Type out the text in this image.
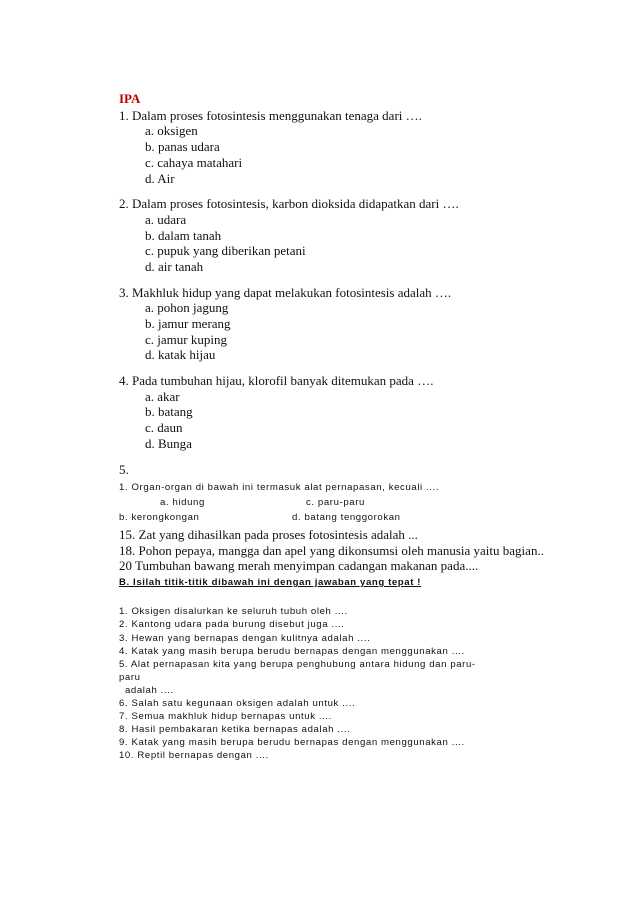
IPA
1. Dalam proses fotosintesis menggunakan tenaga dari ….
a. oksigen
b. panas udara
c. cahaya matahari
d. Air
2. Dalam proses fotosintesis, karbon dioksida didapatkan dari ….
a. udara
b. dalam tanah
c. pupuk yang diberikan petani
d. air tanah
3. Makhluk hidup yang dapat melakukan fotosintesis adalah ….
a. pohon jagung
b. jamur merang
c. jamur kuping
d. katak hijau
4. Pada tumbuhan hijau, klorofil banyak ditemukan pada ….
a. akar
b. batang
c. daun
d. Bunga
5.
1. Organ-organ di bawah ini termasuk alat pernapasan, kecuali ....
a. hidung	c. paru-paru
b. kerongkongan	d. batang tenggorokan
15. Zat yang dihasilkan pada proses fotosintesis adalah ...
18. Pohon pepaya, mangga dan apel yang dikonsumsi oleh manusia yaitu bagian..
20 Tumbuhan bawang merah menyimpan cadangan makanan pada....
B. Isilah titik-titik dibawah ini dengan jawaban yang tepat !
1. Oksigen disalurkan ke seluruh tubuh oleh ....
2. Kantong udara pada burung disebut juga ....
3. Hewan yang bernapas dengan kulitnya adalah ....
4. Katak yang masih berupa berudu bernapas dengan menggunakan ....
5. Alat pernapasan kita yang berupa penghubung antara hidung dan paru-
paru
adalah ....
6. Salah satu kegunaan oksigen adalah untuk ....
7. Semua makhluk hidup bernapas untuk ....
8. Hasil pembakaran ketika bernapas adalah ....
9. Katak yang masih berupa berudu bernapas dengan menggunakan ....
10. Reptil bernapas dengan ....
